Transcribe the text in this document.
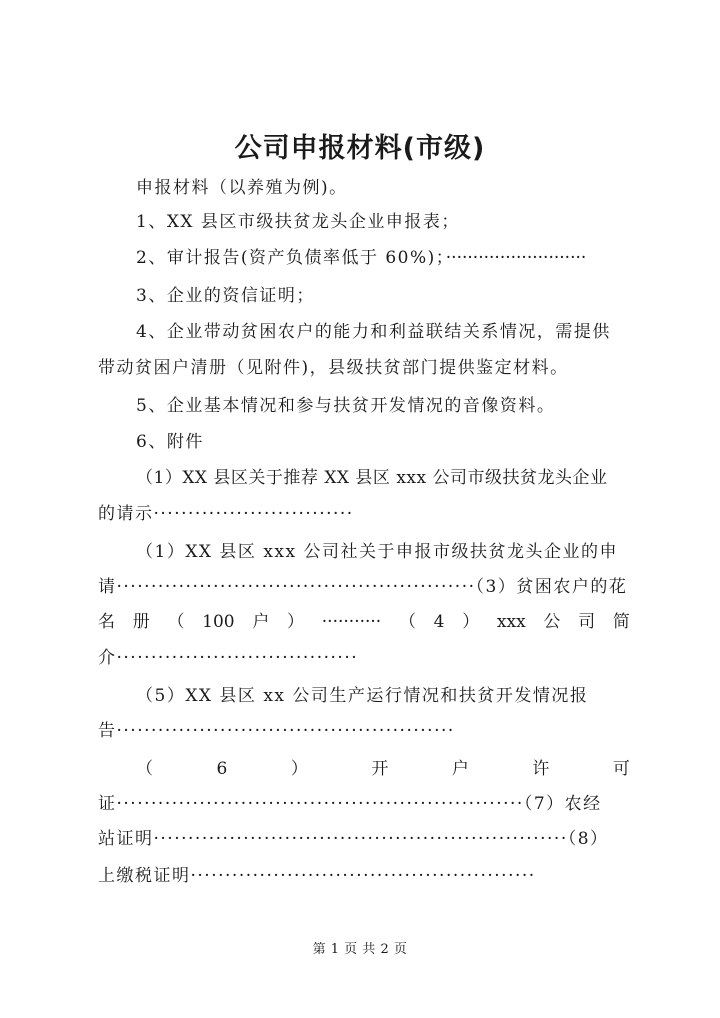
公司申报材料(市级)
申报材料（以养殖为例)。
1、XX 县区市级扶贫龙头企业申报表；
2、审计报告(资产负债率低于 60%)；··························
3、企业的资信证明；
4、企业带动贫困农户的能力和利益联结关系情况，需提供
带动贫困户清册（见附件)，县级扶贫部门提供鉴定材料。
5、企业基本情况和参与扶贫开发情况的音像资料。
6、附件
（1）XX 县区关于推荐 XX 县区 xxx 公司市级扶贫龙头企业
的请示·····························
（1）XX 县区 xxx 公司社关于申报市级扶贫龙头企业的申
请····················································（3）贫困农户的花
名 册 （ 100 户 ） ··········· （ 4 ） xxx 公 司 简
介···································
（5）XX 县区 xx 公司生产运行情况和扶贫开发情况报
告·················································
（	6	）	开	户	许	可
证···························································（7）农经
站证明····························································（8）
上缴税证明··················································
第 1 页 共 2 页
